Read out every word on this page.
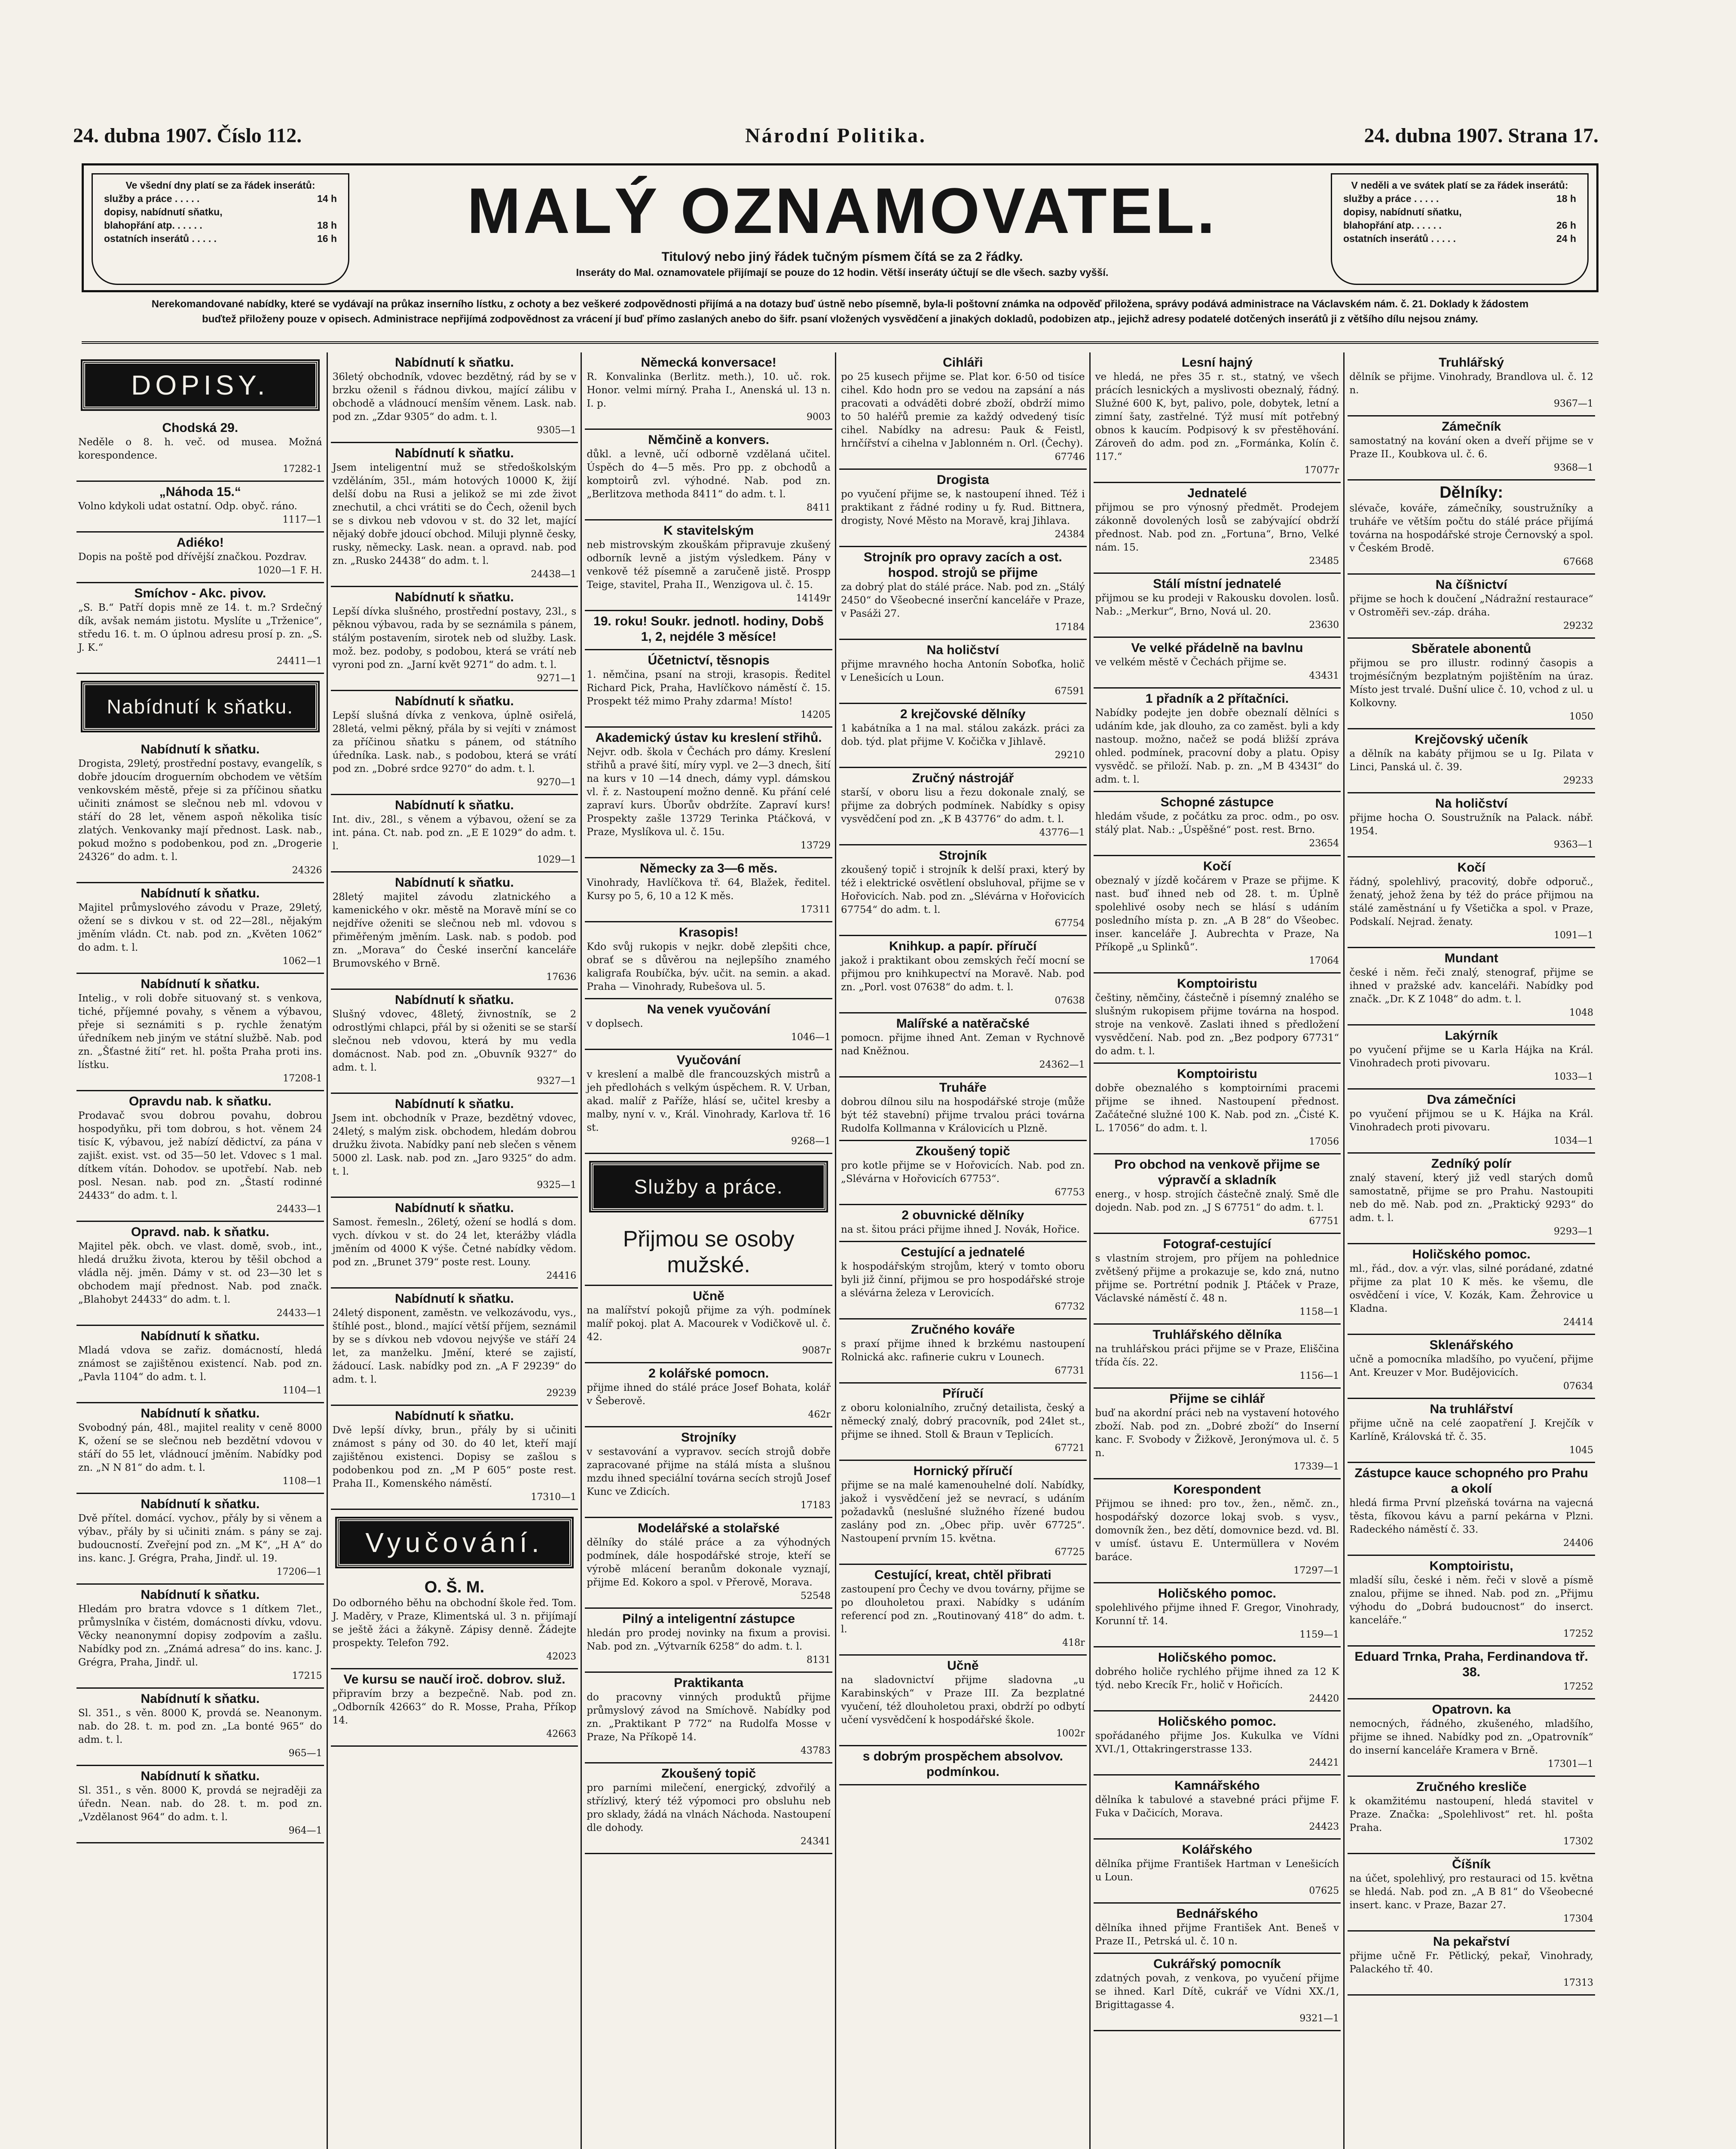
24. dubna 1907. Číslo 112.	Národní Politika.	24. dubna 1907. Strana 17.
Ve všední dny platí se za řádek inserátů:
služby a práce . . . . .	14 h
dopisy, nabídnutí sňatku,
blahopřání atp. . . . . .	18 h
ostatních inserátů . . . . .	16 h	MALÝ OZNAMOVATEL.
Titulový nebo jiný řádek tučným písmem čítá se za 2 řádky.
Inseráty do Mal. oznamovatele přijímají se pouze do 12 hodin. Větší inseráty účtují se dle všech. sazby vyšší.
V neděli a ve svátek platí se za řádek inserátů:
služby a práce . . . . .	18 h
dopisy, nabídnutí sňatku,
blahopřání atp. . . . . .	26 h
ostatních inserátů . . . . .	24 h
Nerekomandované nabídky, které se vydávají na průkaz inserního lístku, z ochoty a bez veškeré zodpovědnosti přijímá a na dotazy buď ústně nebo písemně, byla-li poštovní známka na odpověď přiložena, správy podává administrace na Václavském nám. č. 21. Doklady k žádostem buďtež přiloženy pouze v opisech. Administrace nepřijímá zodpovědnost za vrácení jí buď přímo zaslaných anebo do šifr. psaní vložených vysvědčení a jinakých dokladů, podobizen atp., jejichž adresy podatelé dotčených inserátů ji z většího dílu nejsou známy.
DOPISY.
Chodská 29.
Neděle o 8. h. več. od musea. Možná korespondence.
17282-1
„Náhoda 15.“
Volno kdykoli udat ostatní. Odp. obyč. ráno.
1117—1
Adiéko!
Dopis na poště pod dřívější značkou. Pozdrav.
1020—1 F. H.
Smíchov - Akc. pivov.
„S. B.“ Patří dopis mně ze 14. t. m.? Srdečný dík, avšak nemám jistotu. Myslíte u „Trženice“, středu 16. t. m. O úplnou adresu prosí p. zn. „S. J. K.“
24411—1
Nabídnutí k sňatku.
Nabídnutí k sňatku.
Drogista, 29letý, prostřední postavy, evangelík, s dobře jdoucím droguerním obchodem ve větším venkovském městě, přeje si za příčinou sňatku učiniti známost se slečnou neb ml. vdovou v stáří do 28 let, věnem aspoň několika tisíc zlatých. Venkovanky mají přednost. Lask. nab., pokud možno s podobenkou, pod zn. „Drogerie 24326“ do adm. t. l.
24326
Nabídnutí k sňatku.
Majitel průmyslového závodu v Praze, 29letý, ožení se s divkou v st. od 22—28l., nějakým jměním vládn. Ct. nab. pod zn. „Květen 1062“ do adm. t. l.
1062—1
Nabídnutí k sňatku.
Intelig., v roli dobře situovaný st. s venkova, tiché, příjemné povahy, s věnem a výbavou, přeje si seznámiti s p. rychle ženatým úředníkem neb jiným ve státní službě. Nab. pod zn. „Šťastné žití“ ret. hl. pošta Praha proti ins. lístku.
17208-1
Opravdu nab. k sňatku.
Prodavač svou dobrou povahu, dobrou hospodyňku, při tom dobrou, s hot. věnem 24 tisíc K, výbavou, jež nabízí dědictví, za pána v zajišt. exist. vst. od 35—50 let. Vdovec s 1 mal. dítkem vítán. Dohodov. se upotřebí. Nab. neb posl. Nesan. nab. pod zn. „Štastí rodinné 24433“ do adm. t. l.
24433—1
Opravd. nab. k sňatku.
Majitel pěk. obch. ve vlast. domě, svob., int., hledá družku života, kterou by těšil obchod a vládla něj. jměn. Dámy v st. od 23—30 let s obchodem mají přednost. Nab. pod značk. „Blahobyt 24433“ do adm. t. l.
24433—1
Nabídnutí k sňatku.
Mladá vdova se zařiz. domácností, hledá známost se zajištěnou existencí. Nab. pod zn. „Pavla 1104“ do adm. t. l.
1104—1
Nabídnutí k sňatku.
Svobodný pán, 48l., majitel reality v ceně 8000 K, ožení se se slečnou neb bezdětní vdovou v stáří do 55 let, vládnoucí jměním. Nabídky pod zn. „N N 81“ do adm. t. l.
1108—1
Nabídnutí k sňatku.
Dvě přítel. domácí. vychov., přály by si věnem a výbav., přály by si učiniti znám. s pány se zaj. budoucností. Zveřejní pod zn. „M K“, „H A“ do ins. kanc. J. Grégra, Praha, Jindř. ul. 19.
17206—1
Nabídnutí k sňatku.
Hledám pro bratra vdovce s 1 dítkem 7let., průmyslníka v čistém, domácnosti dívku, vdovu. Věcky neanonymní dopisy zodpovím a zašlu. Nabídky pod zn. „Známá adresa“ do ins. kanc. J. Grégra, Praha, Jindř. ul.
17215
Nabídnutí k sňatku.
Sl. 351., s věn. 8000 K, provdá se. Neanonym. nab. do 28. t. m. pod zn. „La bonté 965“ do adm. t. l.
965—1
Nabídnutí k sňatku.
Sl. 351., s věn. 8000 K, provdá se nejraději za úředn. Nean. nab. do 28. t. m. pod zn. „Vzdělanost 964“ do adm. t. l.
964—1
Nabídnutí k sňatku.
36letý obchodník, vdovec bezdětný, rád by se v brzku oženil s řádnou divkou, mající zálibu v obchodě a vládnoucí menším věnem. Lask. nab. pod zn. „Zdar 9305“ do adm. t. l.
9305—1
Nabídnutí k sňatku.
Jsem inteligentní muž se středoškolským vzděláním, 35l., mám hotových 10000 K, žijí delší dobu na Rusi a jelikož se mi zde život znechutil, a chci vrátiti se do Čech, oženil bych se s divkou neb vdovou v st. do 32 let, mající nějaký dobře jdoucí obchod. Miluji plynně česky, rusky, německy. Lask. nean. a opravd. nab. pod zn. „Rusko 24438“ do adm. t. l.
24438—1
Nabídnutí k sňatku.
Lepší dívka slušného, prostřední postavy, 23l., s pěknou výbavou, rada by se seznámila s pánem, stálým postavením, sirotek neb od služby. Lask. mož. bez. podoby, s podobou, která se vrátí neb vyroni pod zn. „Jarní květ 9271“ do adm. t. l.
9271—1
Nabídnutí k sňatku.
Lepší slušná dívka z venkova, úplně osiřelá, 28letá, velmi pěkný, přála by si vejíti v známost za příčinou sňatku s pánem, od státního úředníka. Lask. nab., s podobou, která se vrátí pod zn. „Dobré srdce 9270“ do adm. t. l.
9270—1
Nabídnutí k sňatku.
Int. div., 28l., s věnem a výbavou, ožení se za int. pána. Ct. nab. pod zn. „E E 1029“ do adm. t. l.
1029—1
Nabídnutí k sňatku.
28letý majitel závodu zlatnického a kamenického v okr. městě na Moravě míní se co nejdříve oženiti se slečnou neb ml. vdovou s přiměřeným jměním. Lask. nab. s podob. pod zn. „Morava“ do České inserční kanceláře Brumovského v Brně.
17636
Nabídnutí k sňatku.
Slušný vdovec, 48letý, živnostník, se 2 odrostlými chlapci, přál by si oženiti se se starší slečnou neb vdovou, která by mu vedla domácnost. Nab. pod zn. „Obuvník 9327“ do adm. t. l.
9327—1
Nabídnutí k sňatku.
Jsem int. obchodník v Praze, bezdětný vdovec, 24letý, s malým zisk. obchodem, hledám dobrou družku života. Nabídky paní neb slečen s věnem 5000 zl. Lask. nab. pod zn. „Jaro 9325“ do adm. t. l.
9325—1
Nabídnutí k sňatku.
Samost. řemesln., 26letý, ožení se hodlá s dom. vych. dívkou v st. do 24 let, kterážby vládla jměním od 4000 K výše. Četné nabídky vědom. pod zn. „Brunet 379“ poste rest. Louny.
24416
Nabídnutí k sňatku.
24letý disponent, zaměstn. ve velkozávodu, vys., štíhlé post., blond., mající větší příjem, seznámil by se s dívkou neb vdovou nejvýše ve stáří 24 let, za manželku. Jmění, které se zajistí, žádoucí. Lask. nabídky pod zn. „A F 29239“ do adm. t. l.
29239
Nabídnutí k sňatku.
Dvě lepší dívky, brun., přály by si učiniti známost s pány od 30. do 40 let, kteří mají zajištěnou existenci. Dopisy se zašlou s podobenkou pod zn. „M P 605“ poste rest. Praha II., Komenského náměstí.
17310—1
Vyučování.
O. Š. M.
Do odborného běhu na obchodní škole řed. Tom. J. Maděry, v Praze, Klimentská ul. 3 n. přijímají se ještě žáci a žákyně. Zápisy denně. Žádejte prospekty. Telefon 792.
42023
Ve kursu se naučí iroč. dobrov. služ.
připravím brzy a bezpečně. Nab. pod zn. „Odborník 42663“ do R. Mosse, Praha, Příkop 14.
42663
Německá konversace!
R. Konvalinka (Berlitz. meth.), 10. uč. rok. Honor. velmi mírný. Praha I., Anenská ul. 13 n. I. p.
9003
Němčině a konvers.
důkl. a levně, učí odborně vzdělaná učitel. Úspěch do 4—5 měs. Pro pp. z obchodů a komptoirů zvl. výhodné. Nab. pod zn. „Berlitzova methoda 8411“ do adm. t. l.
8411
K stavitelským
neb mistrovským zkouškám připravuje zkušený odborník levně a jistým výsledkem. Pány v venkově též písemně a zaručeně jistě. Prospp Teige, stavitel, Praha II., Wenzigova ul. č. 15.
14149r
19. roku! Soukr. jednotl. hodiny, Dobš 1, 2, nejdéle 3 měsíce!
Účetnictví, těsnopis
1. němčina, psaní na stroji, krasopis. Ředitel Richard Pick, Praha, Havlíčkovo náměstí č. 15. Prospekt též mimo Prahy zdarma! Místo!
14205
Akademický ústav ku kreslení střihů.
Nejvr. odb. škola v Čechách pro dámy. Kreslení střihů a pravé šití, míry vypl. ve 2—3 dnech, šití na kurs v 10 —14 dnech, dámy vypl. dámskou vl. ř. z. Nastoupení možno denně. Ku přání celé zapraví kurs. Úborův obdržíte. Zapraví kurs! Prospekty zašle 13729 Terinka Ptáčková, v Praze, Myslíkova ul. č. 15u.
13729
Německy za 3—6 měs.
Vinohrady, Havlíčkova tř. 64, Blažek, ředitel. Kursy po 5, 6, 10 a 12 K měs.
17311
Krasopis!
Kdo svůj rukopis v nejkr. době zlepšiti chce, obrať se s důvěrou na nejlepšího znamého kaligrafa Roubíčka, býv. učit. na semin. a akad. Praha — Vinohrady, Rubešova ul. 5.
Na venek vyučování
v doplsech.
1046—1
Vyučování
v kreslení a malbě dle francouzských mistrů a jeh předlohách s velkým úspěchem. R. V. Urban, akad. malíř z Paříže, hlásí se, učitel kresby a malby, nyní v. v., Král. Vinohrady, Karlova tř. 16 st.
9268—1
Služby a práce.
Přijmou se osoby mužské.
Učně
na malířství pokojů přijme za výh. podmínek malíř pokoj. plat A. Macourek v Vodičkově ul. č. 42.
9087r
2 kolářské pomocn.
přijme ihned do stálé práce Josef Bohata, kolář v Šeberově.
462r
Strojníky
v sestavování a vypravov. secích strojů dobře zapracované přijme na stálá místa a slušnou mzdu ihned speciální továrna secích strojů Josef Kunc ve Zdicích.
17183
Modelářské a stolařské
dělníky do stálé práce a za výhodných podmínek, dále hospodářské stroje, kteří se výrobě mlácení beranům dokonale vyznají, přijme Ed. Kokoro a spol. v Přerově, Morava.
52548
Pilný a inteligentní zástupce
hledán pro prodej novinky na fixum a provisi. Nab. pod zn. „Výtvarník 6258“ do adm. t. l.
8131
Praktikanta
do pracovny vinných produktů přijme průmyslový závod na Smíchově. Nabídky pod zn. „Praktikant P 772“ na Rudolfa Mosse v Praze, Na Příkopě 14.
43783
Zkoušený topič
pro parními milečení, energický, zdvořilý a střízlivý, který též výpomoci pro obsluhu neb pro sklady, žádá na vlnách Náchoda. Nastoupení dle dohody.
24341
Cihláři
po 25 kusech přijme se. Plat kor. 6·50 od tisíce cihel. Kdo hodn pro se vedou na zapsání a nás pracovati a odváděti dobré zboží, obdrží mimo to 50 haléřů premie za každý odvedený tisíc cihel. Nabídky na adresu: Pauk & Feistl, hrnčířství a cihelna v Jablonném n. Orl. (Čechy).
67746
Drogista
po vyučení přijme se, k nastoupení ihned. Též i praktikant z řádné rodiny u fy. Rud. Bittnera, drogisty, Nové Město na Moravě, kraj Jihlava.
24384
Strojník pro opravy zacích a ost. hospod. strojů se přijme
za dobrý plat do stálé práce. Nab. pod zn. „Stálý 2450“ do Všeobecné inserční kanceláře v Praze, v Pasáži 27.
17184
Na holičství
přijme mravného hocha Antonín Soboťka, holič v Lenešicích u Loun.
67591
2 krejčovské dělníky
1 kabátníka a 1 na mal. stálou zakázk. práci za dob. týd. plat přijme V. Kočička v Jihlavě.
29210
Zručný nástrojář
starší, v oboru lisu a řezu dokonale znalý, se přijme za dobrých podmínek. Nabídky s opisy vysvědčení pod zn. „K B 43776“ do adm. t. l.
43776—1
Strojník
zkoušený topič i strojník k delší praxi, který by též i elektrické osvětlení obsluhoval, přijme se v Hořovicích. Nab. pod zn. „Slévárna v Hořovicích 67754“ do adm. t. l.
67754
Knihkup. a papír. příručí
jakož i praktikant obou zemských řečí mocní se přijmou pro knihkupectví na Moravě. Nab. pod zn. „Porl. vost 07638“ do adm. t. l.
07638
Malířské a natěračské
pomocn. přijme ihned Ant. Zeman v Rychnově nad Kněžnou.
24362—1
Truháře
dobrou dílnou silu na hospodářské stroje (může být též stavební) přijme trvalou práci továrna Rudolfa Kollmanna v Královicích u Plzně.
Zkoušený topič
pro kotle přijme se v Hořovicích. Nab. pod zn. „Slévárna v Hořovicích 67753“.
67753
2 obuvnické dělníky
na st. šitou práci přijme ihned J. Novák, Hořice.
Cestující a jednatelé
k hospodářským strojům, který v tomto oboru byli již činní, přijmou se pro hospodářské stroje a slévárna železa v Lerovicích.
67732
Zručného kováře
s praxí přijme ihned k brzkému nastoupení Rolnická akc. rafinerie cukru v Lounech.
67731
Příručí
z oboru kolonialního, zručný detailista, český a německý znalý, dobrý pracovník, pod 24let st., přijme se ihned. Stoll & Braun v Teplicích.
67721
Hornický příručí
přijme se na malé kamenouhelné dolí. Nabídky, jakož i vysvědčení jež se nevrací, s udáním požadavků (neslušné služného řízené budou zaslány pod zn. „Obec přip. uvěr 67725“. Nastoupení prvním 15. května.
67725
Cestující, kreat, chtěl přibrati
zastoupení pro Čechy ve dvou továrny, přijme se po dlouholetou praxi. Nabídky s udáním referencí pod zn. „Routinovaný 418“ do adm. t. l.
418r
Učně
na sladovnictví přijme sladovna „u Karabinských“ v Praze III. Za bezplatné vyučení, též dlouholetou praxi, obdrží po odbytí učení vysvědčení k hospodářské škole.
1002r
s dobrým prospěchem absolvov. podmínkou.
Lesní hajný
ve hledá, ne přes 35 r. st., statný, ve všech prácích lesnických a myslivosti obeznalý, řádný. Služné 600 K, byt, palivo, pole, dobytek, letní a zimní šaty, zastřelné. Týž musí mít potřebný obnos k kaucím. Podpisový k sv přestěhování. Zároveň do adm. pod zn. „Formánka, Kolín č. 117.“
17077r
Jednatelé
přijmou se pro výnosný předmět. Prodejem zákonně dovolených losů se zabývající obdrží přednost. Nab. pod zn. „Fortuna“, Brno, Velké nám. 15.
23485
Stálí místní jednatelé
přijmou se ku prodeji v Rakousku dovolen. losů. Nab.: „Merkur“, Brno, Nová ul. 20.
23630
Ve velké přádelně na bavlnu
ve velkém městě v Čechách přijme se.
43431
1 přadník a 2 přítačníci.
Nabídky podejte jen dobře obeznalí dělníci s udáním kde, jak dlouho, za co zaměst. byli a kdy nastoup. možno, načež se podá bližší zpráva ohled. podmínek, pracovní doby a platu. Opisy vysvědč. se přiloží. Nab. p. zn. „M B 4343I“ do adm. t. l.
Schopné zástupce
hledám všude, z počátku za proc. odm., po osv. stálý plat. Nab.: „Úspěšné“ post. rest. Brno.
23654
Kočí
obeznalý v jízdě kočárem v Praze se přijme. K nast. buď ihned neb od 28. t. m. Úplně spolehlivé osoby nech se hlásí s udáním posledního místa p. zn. „A B 28“ do Všeobec. inser. kanceláře J. Aubrechta v Praze, Na Příkopě „u Splinků“.
17064
Komptoiristu
češtiny, němčiny, částečně i písemný znalého se slušným rukopisem přijme továrna na hospod. stroje na venkově. Zaslati ihned s předložení vysvědčení. Nab. pod zn. „Bez podpory 67731“ do adm. t. l.
Komptoiristu
dobře obeznalého s komptoirními pracemi přijme se ihned. Nastoupení přednost. Začátečné služné 100 K. Nab. pod zn. „Čisté K. L. 17056“ do adm. t. l.
17056
Pro obchod na venkově přijme se výpravčí a skladník
energ., v hosp. strojích částečně znalý. Smě dle dojedn. Nab. pod zn. „J S 67751“ do adm. t. l.
67751
Fotograf-cestující
s vlastním strojem, pro příjem na pohlednice zvětšený přijme a prokazuje se, kdo zná, nutno přijme se. Portrétní podnik J. Ptáček v Praze, Václavské náměstí č. 48 n.
1158—1
Truhlářského dělníka
na truhlářskou práci přijme se v Praze, Eliščina třída čís. 22.
1156—1
Přijme se cihlář
buď na akordní práci neb na vystavení hotového zboží. Nab. pod zn. „Dobré zboží“ do Inserní kanc. F. Svobody v Žižkově, Jeronýmova ul. č. 5 n.
17339—1
Korespondent
Přijmou se ihned: pro tov., žen., němč. zn., hospodářský dozorce lokaj svob. s vysv., domovník žen., bez dětí, domovnice bezd. vd. Bl. v umísť. ústavu E. Untermüllera v Novém baráce.
17297—1
Holičského pomoc.
spolehlivého přijme ihned F. Gregor, Vinohrady, Korunní tř. 14.
1159—1
Holičského pomoc.
dobrého holiče rychlého přijme ihned za 12 K týd. nebo Krecík Fr., holič v Hořicích.
24420
Holičského pomoc.
spořádaného přijme Jos. Kukulka ve Vídni XVI./1, Ottakringerstrasse 133.
24421
Kamnářského
dělníka k tabulové a stavebné práci přijme F. Fuka v Dačicích, Morava.
24423
Kolářského
dělníka přijme František Hartman v Lenešicích u Loun.
07625
Bednářského
dělníka ihned přijme František Ant. Beneš v Praze II., Petrská ul. č. 10 n.
Cukrářský pomocník
zdatných povah, z venkova, po vyučení přijme se ihned. Karl Dítě, cukrář ve Vídni XX./1, Brigittagasse 4.
9321—1
Truhlářský
dělník se přijme. Vinohrady, Brandlova ul. č. 12 n.
9367—1
Zámečník
samostatný na kování oken a dveří přijme se v Praze II., Koubkova ul. č. 6.
9368—1
Dělníky:
slévače, kováře, zámečníky, soustružníky a truháře ve větším počtu do stálé práce přijímá továrna na hospodářské stroje Černovský a spol. v Českém Brodě.
67668
Na číšnictví
přijme se hoch k doučení „Nádražní restaurace“ v Ostroměři sev.-záp. dráha.
29232
Sběratele abonentů
přijmou se pro illustr. rodinný časopis a trojmésíčným bezplatným pojištěním na úraz. Místo jest trvalé. Dušní ulice č. 10, vchod z ul. u Kolkovny.
1050
Krejčovský učeník
a dělník na kabáty přijmou se u Ig. Pilata v Linci, Panská ul. č. 39.
29233
Na holičství
přijme hocha O. Soustružník na Palack. nábř. 1954.
9363—1
Kočí
řádný, spolehlivý, pracovitý, dobře odporuč., ženatý, jehož žena by též do práce přijmou na stálé zaměstnání u fy Všetička a spol. v Praze, Podskalí. Nejrad. ženaty.
1091—1
Mundant
české i něm. řeči znalý, stenograf, přijme se ihned v pražské adv. kanceláři. Nabídky pod značk. „Dr. K Z 1048“ do adm. t. l.
1048
Lakýrník
po vyučení přijme se u Karla Hájka na Král. Vinohradech proti pivovaru.
1033—1
Dva zámečníci
po vyučení přijmou se u K. Hájka na Král. Vinohradech proti pivovaru.
1034—1
Zedníký polír
znalý stavení, který již vedl starých domů samostatně, přijme se pro Prahu. Nastoupiti neb do mě. Nab. pod zn. „Praktický 9293“ do adm. t. l.
9293—1
Holičského pomoc.
ml., řád., dov. a výr. vlas, silné porádané, zdatné přijme za plat 10 K měs. ke všemu, dle osvědčení i více, V. Kozák, Kam. Žehrovice u Kladna.
24414
Sklenářského
učně a pomocníka mladšího, po vyučení, přijme Ant. Kreuzer v Mor. Budějovicích.
07634
Na truhlářství
přijme učně na celé zaopatření J. Krejčík v Karlíně, Královská tř. č. 35.
1045
Zástupce kauce schopného pro Prahu a okolí
hledá firma První plzeňská továrna na vajecná těsta, fíkovou kávu a parní pekárna v Plzni. Radeckého náměstí č. 33.
24406
Komptoiristu,
mladší sílu, české i něm. řeči v slově a písmě znalou, přijme se ihned. Nab. pod zn. „Přijmu výhodu do „Dobrá budoucnost“ do inserct. kanceláře.“
17252
Eduard Trnka, Praha, Ferdinandova tř. 38.
17252
Opatrovn. ka
nemocných, řádného, zkušeného, mladšího, přijme se ihned. Nabídky pod zn. „Opatrovník“ do inserní kanceláře Kramera v Brně.
17301—1
Zručného kresliče
k okamžitému nastoupení, hledá stavitel v Praze. Značka: „Spolehlivost“ ret. hl. pošta Praha.
17302
Číšník
na účet, spolehlivý, pro restauraci od 15. května se hledá. Nab. pod zn. „A B 81“ do Všeobecné insert. kanc. v Praze, Bazar 27.
17304
Na pekařství
přijme učně Fr. Pětlický, pekař, Vinohrady, Palackého tř. 40.
17313
